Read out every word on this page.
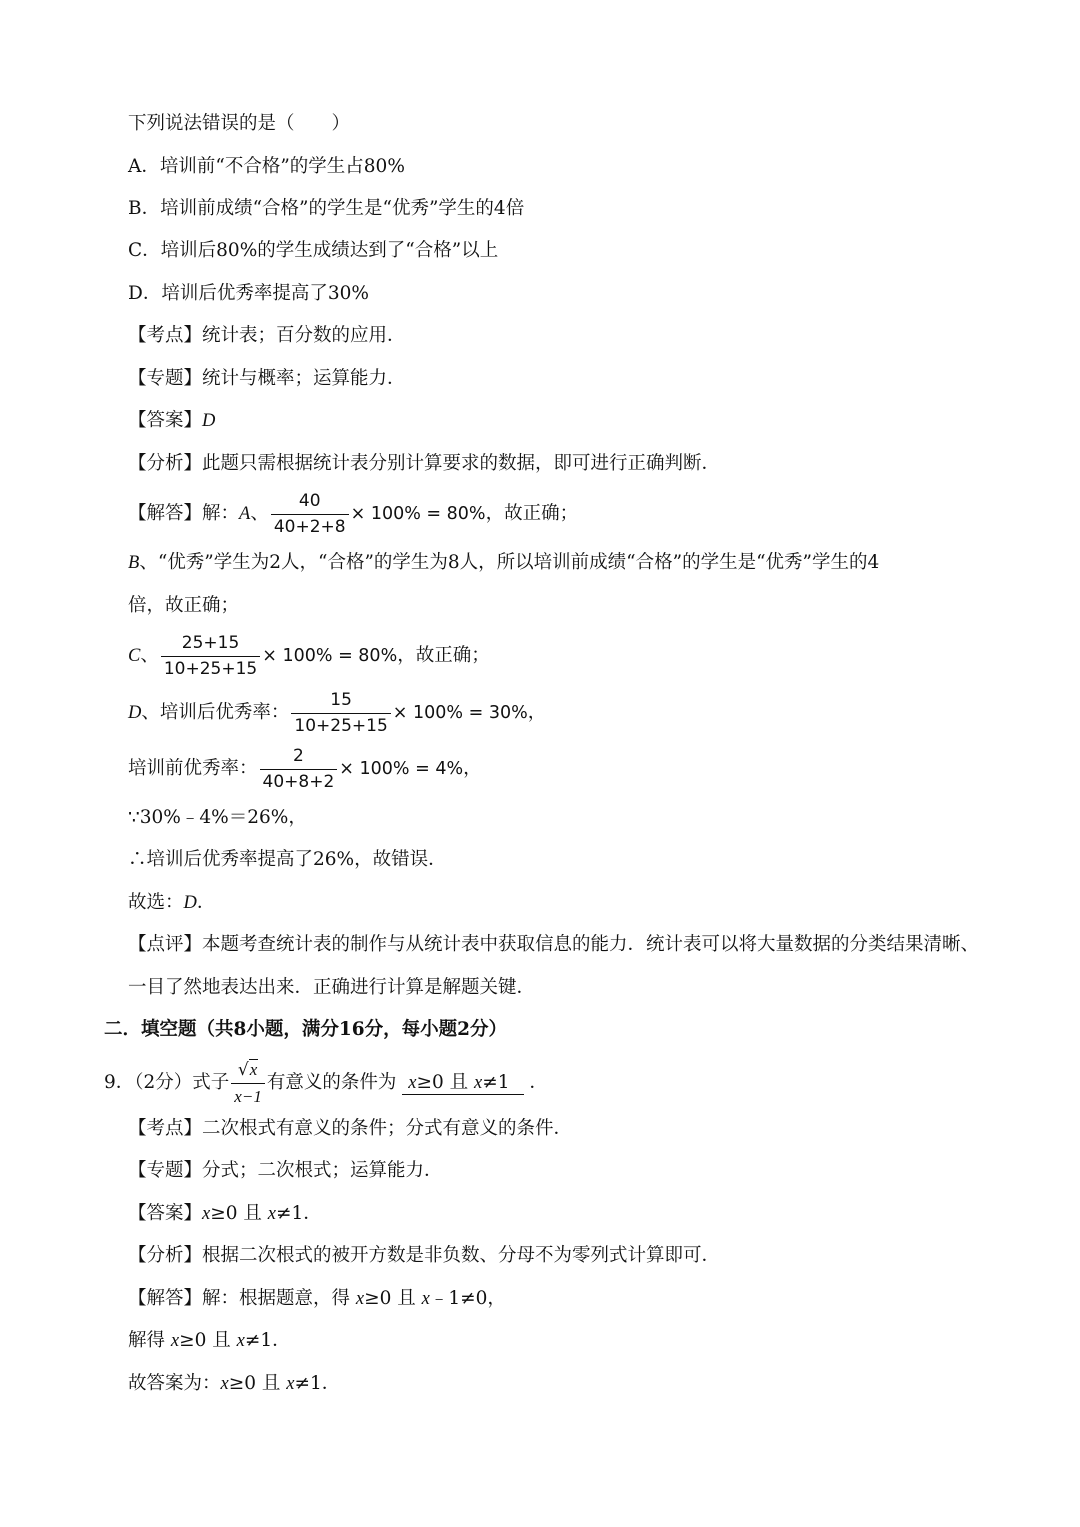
下列说法错误的是（　　）
A．培训前“不合格”的学生占80%
B．培训前成绩“合格”的学生是“优秀”学生的4倍
C．培训后80%的学生成绩达到了“合格”以上
D．培训后优秀率提高了30%
【考点】统计表；百分数的应用．
【专题】统计与概率；运算能力．
【答案】D
【分析】此题只需根据统计表分别计算要求的数据，即可进行正确判断．
【解答】解：A、 $\frac{40}{40+2+8} \times 100\% = 80\%$，故正确；
B、“优秀”学生为2人，“合格”的学生为8人，所以培训前成绩“合格”的学生是“优秀”学生的4
倍，故正确；
C、 $\frac{25+15}{10+25+15} \times 100\% = 80\%$，故正确；
D、培训后优秀率： $\frac{15}{10+25+15} \times 100\% = 30\%$，
培训前优秀率： $\frac{2}{40+8+2} \times 100\% = 4\%$，
∵30%﹣4%＝26%，
∴培训后优秀率提高了26%，故错误．
故选：D．
【点评】本题考查统计表的制作与从统计表中获取信息的能力．统计表可以将大量数据的分类结果清晰、
一目了然地表达出来．正确进行计算是解题关键．
二．填空题（共8小题，满分16分，每小题2分）
9．（2分）式子 $\frac{√x}{x-1}$ 有意义的条件为 x≥0 且 x≠1 ．
【考点】二次根式有意义的条件；分式有意义的条件．
【专题】分式；二次根式；运算能力．
【答案】x≥0 且 x≠1．
【分析】根据二次根式的被开方数是非负数、分母不为零列式计算即可．
【解答】解：根据题意，得 x≥0 且 x﹣1≠0，
解得 x≥0 且 x≠1．
故答案为：x≥0 且 x≠1．
